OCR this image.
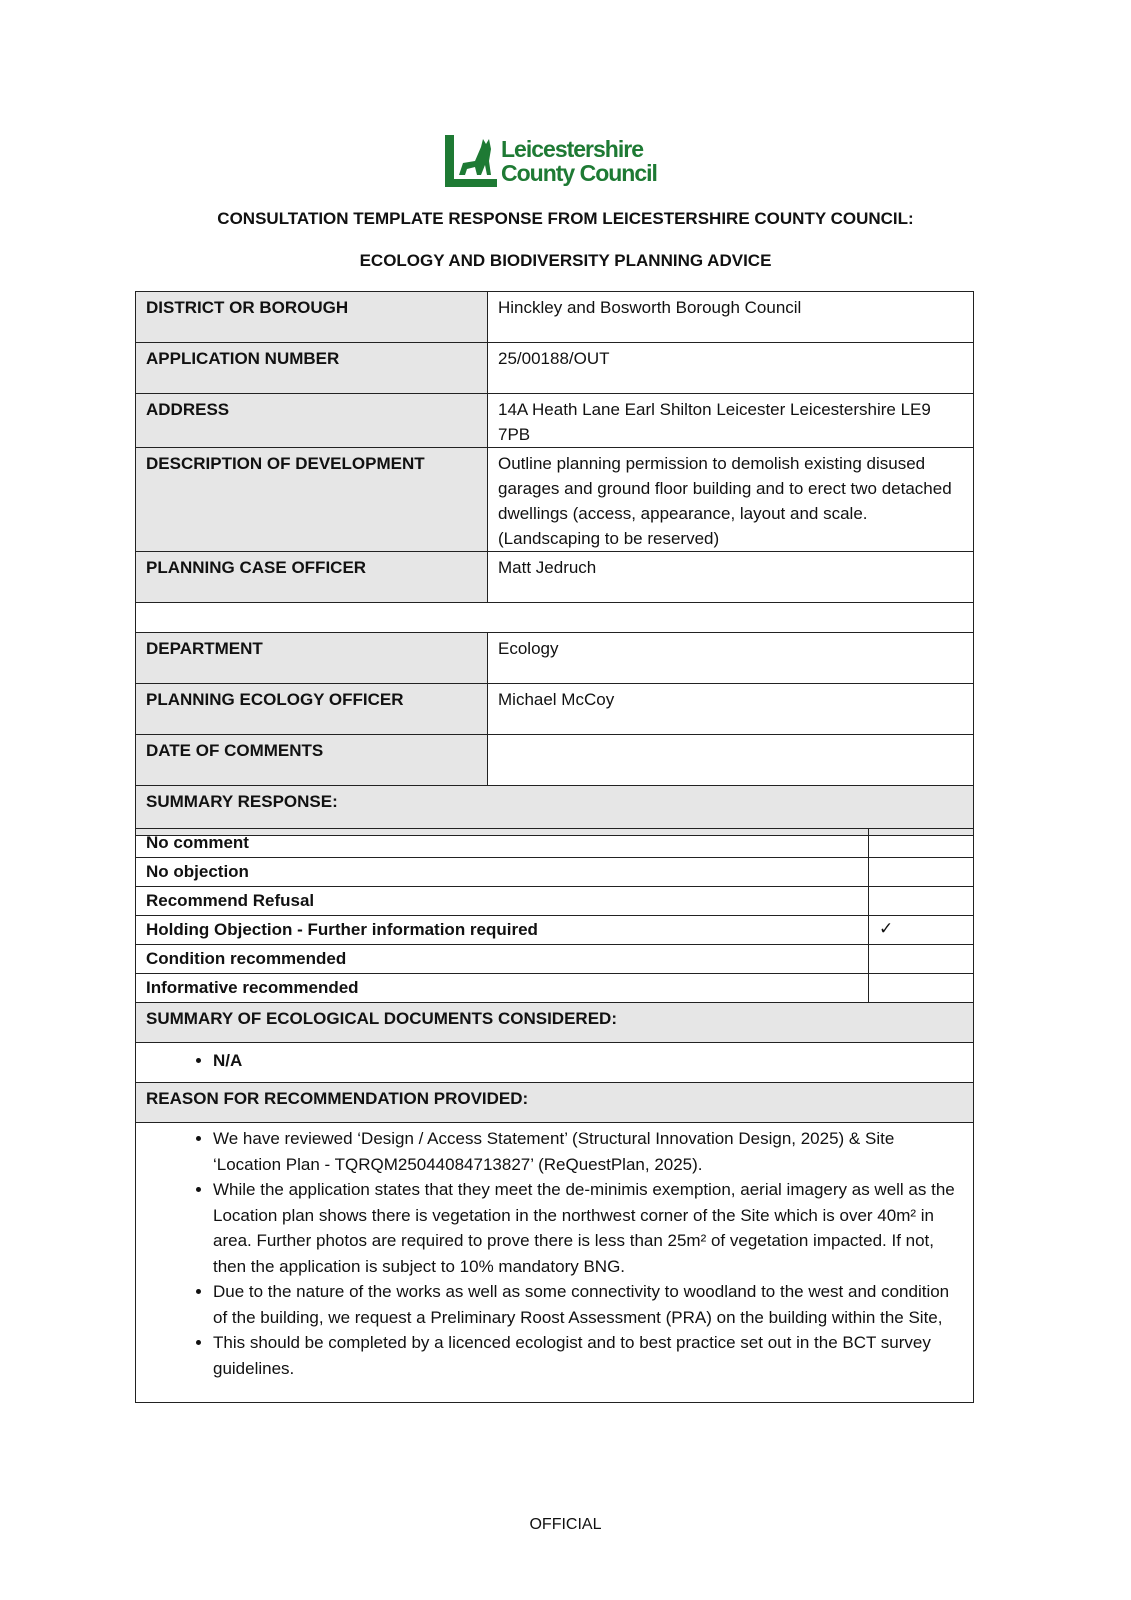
Leicestershire
County Council
CONSULTATION TEMPLATE RESPONSE FROM LEICESTERSHIRE COUNTY COUNCIL:
ECOLOGY AND BIODIVERSITY PLANNING ADVICE
DISTRICT OR BOROUGH	Hinckley and Bosworth Borough Council
APPLICATION NUMBER	25/00188/OUT
ADDRESS	14A Heath Lane Earl Shilton Leicester Leicestershire LE9 7PB
DESCRIPTION OF DEVELOPMENT	Outline planning permission to demolish existing disused garages and ground floor building and to erect two detached dwellings (access, appearance, layout and scale. (Landscaping to be reserved)
PLANNING CASE OFFICER	Matt Jedruch

DEPARTMENT	Ecology
PLANNING ECOLOGY OFFICER	Michael McCoy
DATE OF COMMENTS	
SUMMARY RESPONSE:	
No comment	
No objection	
Recommend Refusal	
Holding Objection - Further information required	✓
Condition recommended	
Informative recommended	
SUMMARY OF ECOLOGICAL DOCUMENTS CONSIDERED:

• N/A

REASON FOR RECOMMENDATION PROVIDED:

• We have reviewed ‘Design / Access Statement’ (Structural Innovation Design, 2025) & Site ‘Location Plan - TQRQM25044084713827’ (ReQuestPlan, 2025).
• While the application states that they meet the de-minimis exemption, aerial imagery as well as the Location plan shows there is vegetation in the northwest corner of the Site which is over 40m² in area. Further photos are required to prove there is less than 25m² of vegetation impacted. If not, then the application is subject to 10% mandatory BNG.
• Due to the nature of the works as well as some connectivity to woodland to the west and condition of the building, we request a Preliminary Roost Assessment (PRA) on the building within the Site,
• This should be completed by a licenced ecologist and to best practice set out in the BCT survey guidelines.
OFFICIAL
